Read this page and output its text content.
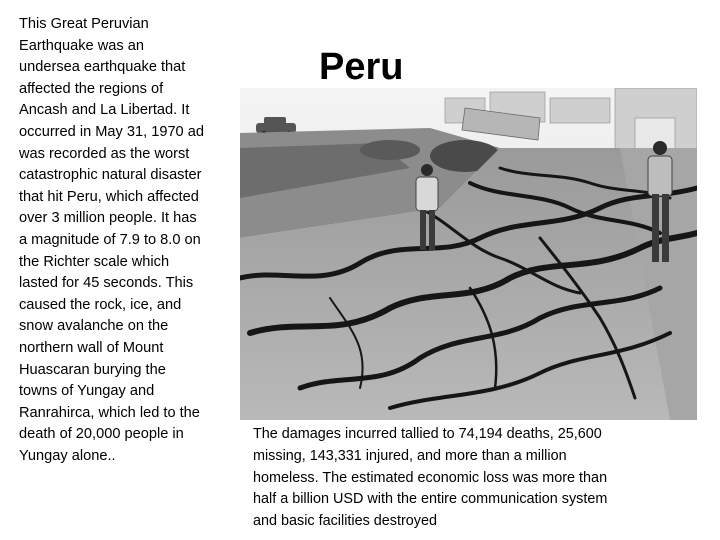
This Great Peruvian
Earthquake was an
undersea earthquake that
affected the regions of
Ancash and La Libertad. It
occurred in May 31, 1970 ad
was recorded as the worst
catastrophic natural disaster
that hit Peru, which affected
over 3 million people. It has
a magnitude of 7.9 to 8.0 on
the Richter scale which
lasted for 45 seconds. This
caused the rock, ice, and
snow avalanche on the
northern wall of Mount
Huascaran burying the
towns of Yungay and
Ranrahirca, which led to the
death of 20,000 people in
Yungay alone..

Peru

The damages incurred tallied to 74,194 deaths, 25,600
missing, 143,331 injured, and more than a million
homeless. The estimated economic loss was more than
half a billion USD with the entire communication system
and basic facilities destroyed
